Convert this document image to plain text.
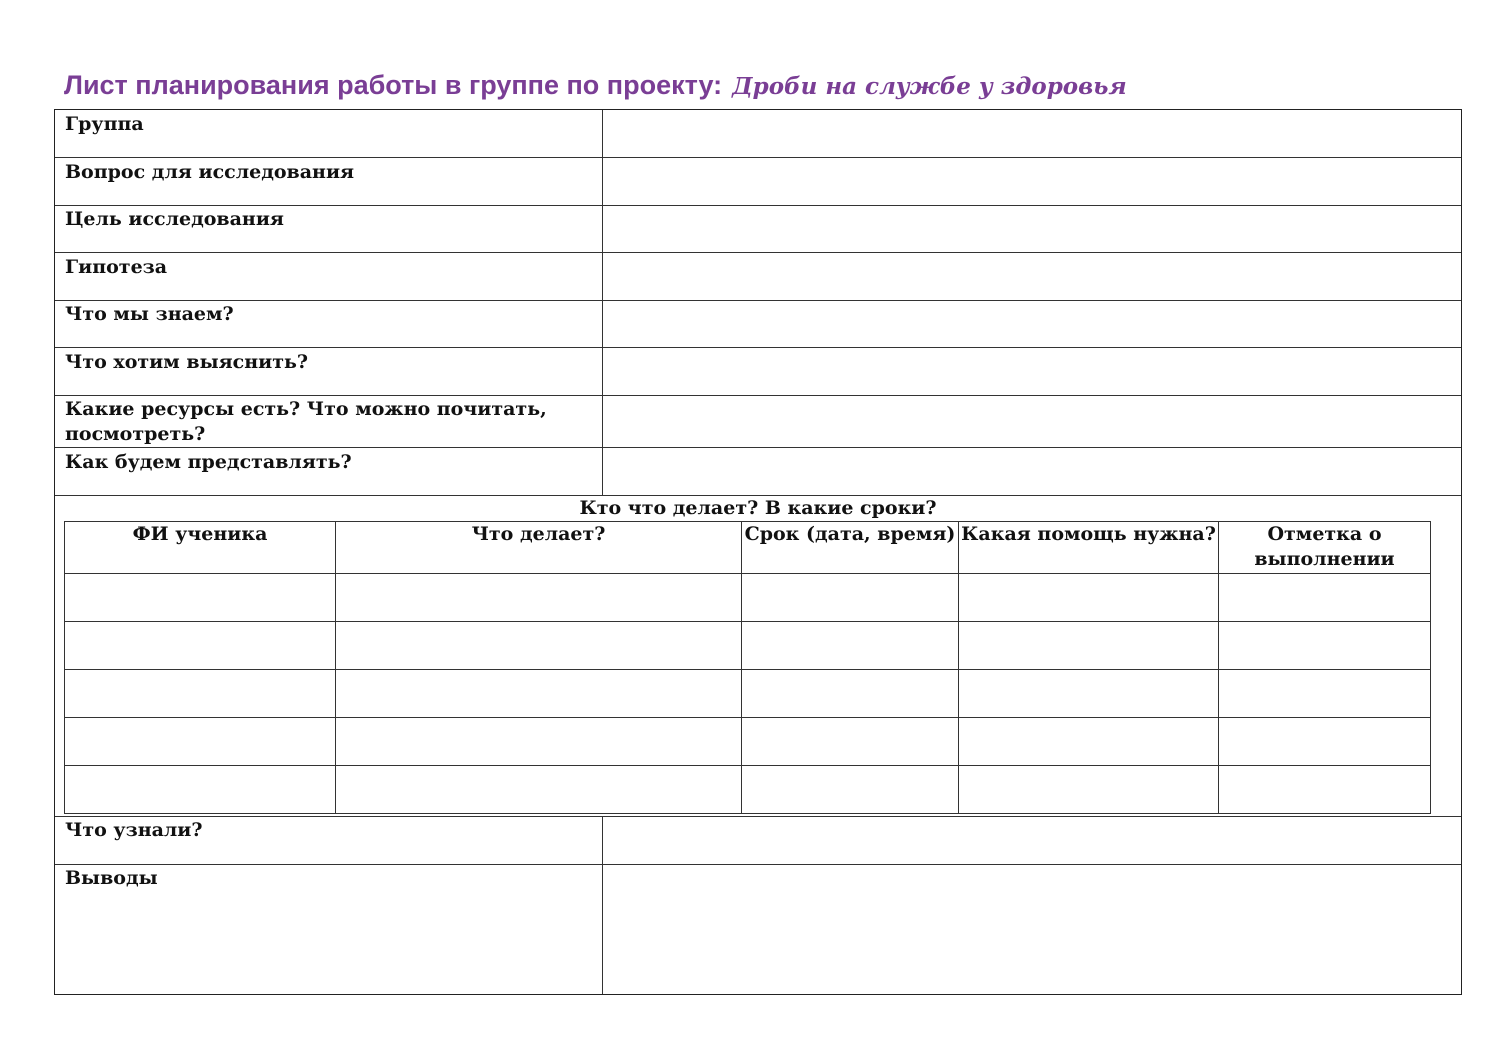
Лист планирования работы в группе по проекту: Дроби на службе у здоровья
Группа
Вопрос для исследования
Цель исследования
Гипотеза
Что мы знаем?
Что хотим выяснить?
Какие ресурсы есть? Что можно почитать, посмотреть?
Как будем представлять?
Кто что делает? В какие сроки?
ФИ ученика	Что делает?	Срок (дата, время)	Какая помощь нужна?	Отметка о выполнении

Что узнали?
Выводы
